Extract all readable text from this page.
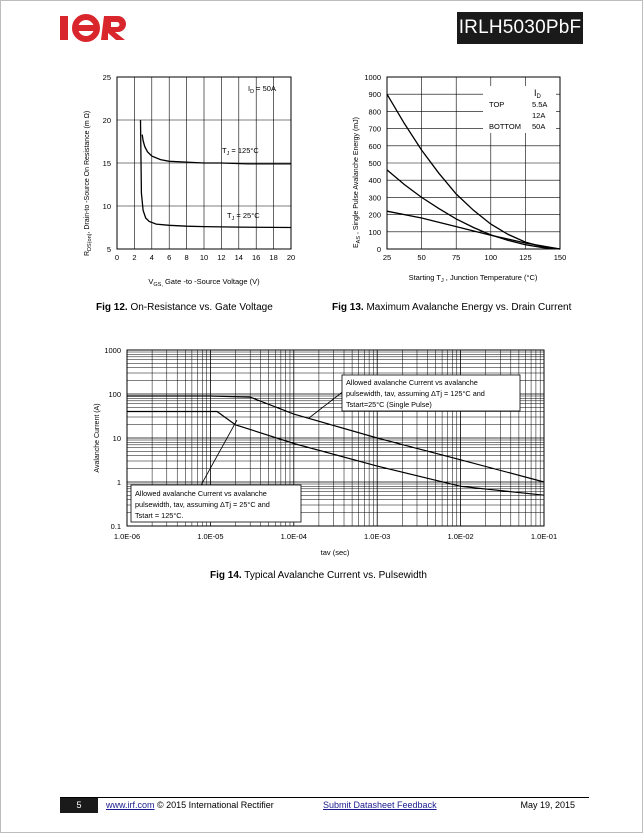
IRLH5030PbF
0 2 4 6 8 10 12 14 16 18 20
5
10
15
20
25
$I_D = 50A$
$T_J = 125^\circ C$
$T_J = 25^\circ C$
$V_{GS,}$ Gate -to -Source Voltage (V)
$R_{DS(on)}$, Drain-to -Source On Resistance (m Ω)
25	50	75	100	125	150
0
100
200
300
400
500
600
700
800
900
1000
$I_D$
TOP
BOTTOM
5.5A
12A
50A
Starting $T_J$ , Junction Temperature (°C)
$E_{AS}$ , Single Pulse Avalanche Energy (mJ)
Fig 12. On-Resistance vs. Gate Voltage	Fig 13. Maximum Avalanche Energy vs. Drain Current
1.0E-06	1.0E-05	1.0E-04	1.0E-03	1.0E-02	1.0E-01
0.1
1
10
100
1000
Allowed avalanche Current vs avalanche
pulsewidth, tav, assuming ΔTj = 125°C and
Tstart=25°C (Single Pulse)
Allowed avalanche Current vs avalanche
pulsewidth, tav, assuming ΔTj = 25°C and
Tstart = 125°C.
tav (sec)
Avalanche Current (A)
Fig 14. Typical Avalanche Current vs. Pulsewidth
5	www.irf.com © 2015 International Rectifier	Submit Datasheet Feedback	May 19, 2015
